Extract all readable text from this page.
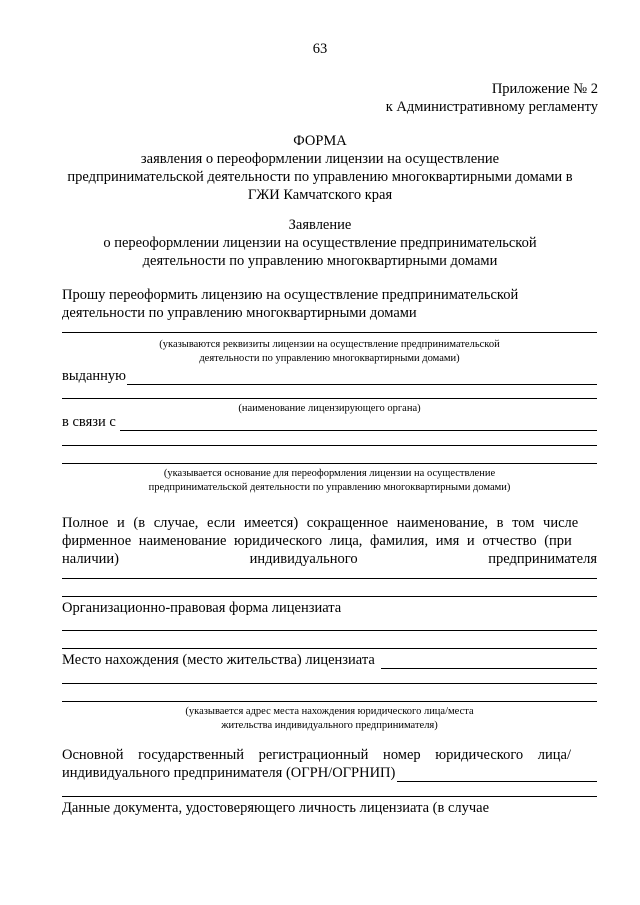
63
Приложение № 2
к Административному регламенту
ФОРМА
заявления о переоформлении лицензии на осуществление
предпринимательской деятельности по управлению многоквартирными домами в
ГЖИ Камчатского края
Заявление
о переоформлении лицензии на осуществление предпринимательской
деятельности по управлению многоквартирными домами
Прошу переоформить лицензию на осуществление предпринимательской
деятельности по управлению многоквартирными домами
(указываются реквизиты лицензии на осуществление предпринимательской
деятельности по управлению многоквартирными домами)
выданную
(наименование лицензирующего органа)
в связи с
(указывается основание для переоформления лицензии на осуществление
предпринимательской деятельности по управлению многоквартирными домами)
Полное и (в случае, если имеется) сокращенное наименование, в том числе
фирменное наименование юридического лица, фамилия, имя и отчество (при
наличии)	индивидуального	предпринимателя
Организационно-правовая форма лицензиата
Место нахождения (место жительства) лицензиата
(указывается адрес места нахождения юридического лица/места
жительства индивидуального предпринимателя)
Основной государственный регистрационный номер юридического лица/
индивидуального предпринимателя (ОГРН/ОГРНИП)
Данные документа, удостоверяющего личность лицензиата (в случае
